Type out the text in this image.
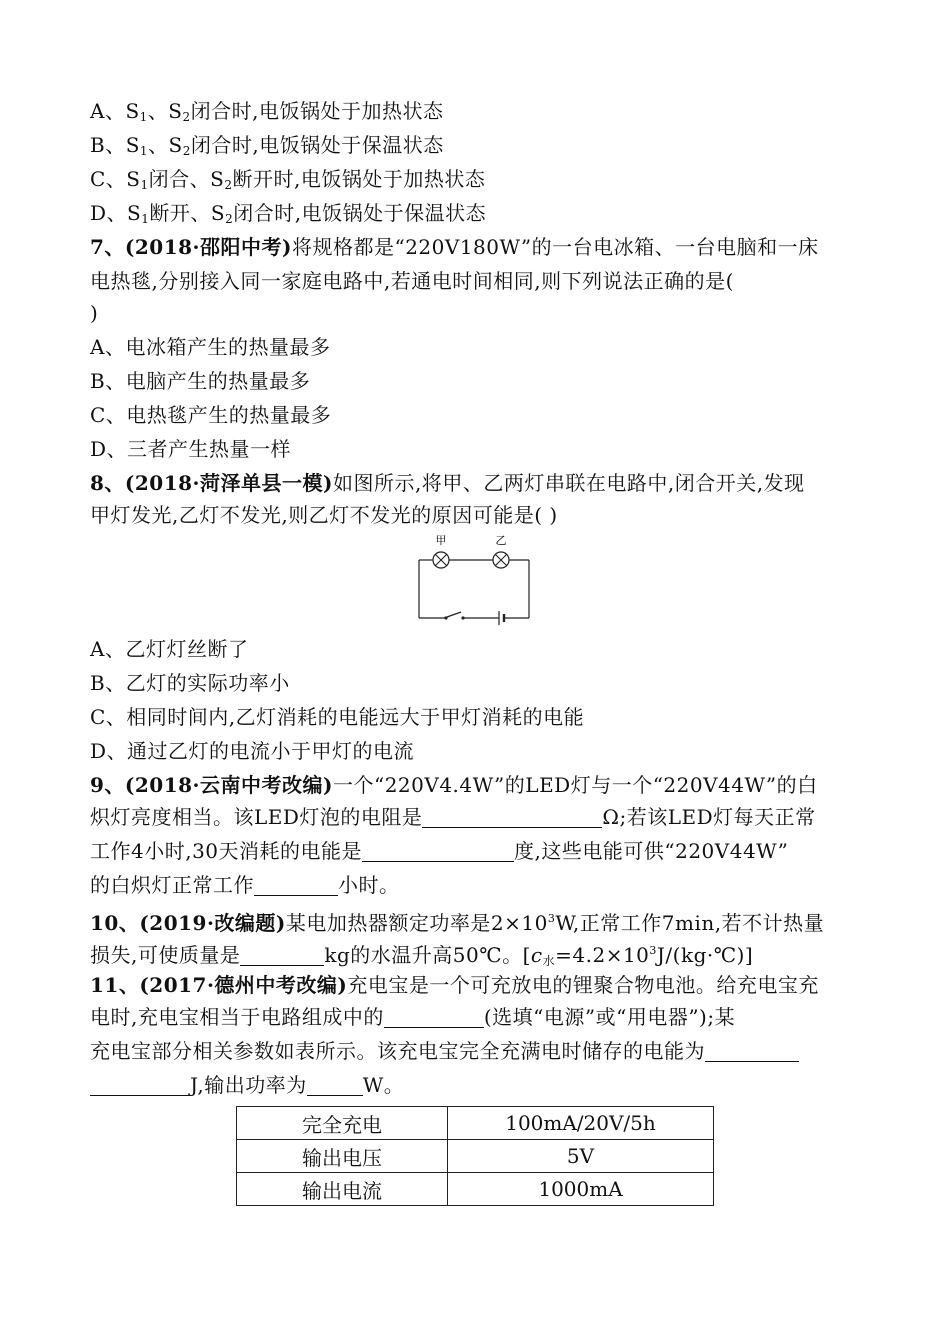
A、$S_1$、$S_2$闭合时,电饭锅处于加热状态
B、$S_1$、$S_2$闭合时,电饭锅处于保温状态
C、$S_1$闭合、$S_2$断开时,电饭锅处于加热状态
D、$S_1$断开、$S_2$闭合时,电饭锅处于保温状态
7、(2018·邵阳中考)将规格都是“220V180W”的一台电冰箱、一台电脑和一床
电热毯,分别接入同一家庭电路中,若通电时间相同,则下列说法正确的是(
)
A、电冰箱产生的热量最多
B、电脑产生的热量最多
C、电热毯产生的热量最多
D、三者产生热量一样
8、(2018·菏泽单县一模)如图所示,将甲、乙两灯串联在电路中,闭合开关,发现
甲灯发光,乙灯不发光,则乙灯不发光的原因可能是( )
甲	乙
A、乙灯灯丝断了
B、乙灯的实际功率小
C、相同时间内,乙灯消耗的电能远大于甲灯消耗的电能
D、通过乙灯的电流小于甲灯的电流
9、(2018·云南中考改编)一个“220V4.4W”的LED灯与一个“220V44W”的白
炽灯亮度相当。该LED灯泡的电阻是	Ω;若该LED灯每天正常
工作4小时,30天消耗的电能是	度,这些电能可供“220V44W”
的白炽灯正常工作	小时。
10、(2019·改编题)某电加热器额定功率是$2\times 10^3W$,正常工作7min,若不计热量
损失,可使质量是	kg的水温升高50℃。$[c_水=4.2\times 10^3J/(kg\cdot℃)]$
11、(2017·德州中考改编)充电宝是一个可充放电的锂聚合物电池。给充电宝充
电时,充电宝相当于电路组成中的	(选填“电源”或“用电器”);某
充电宝部分相关参数如表所示。该充电宝完全充满电时储存的电能为
J,输出功率为	W。
完全充电	100mA/20V/5h
输出电压	5V
输出电流	1000mA
